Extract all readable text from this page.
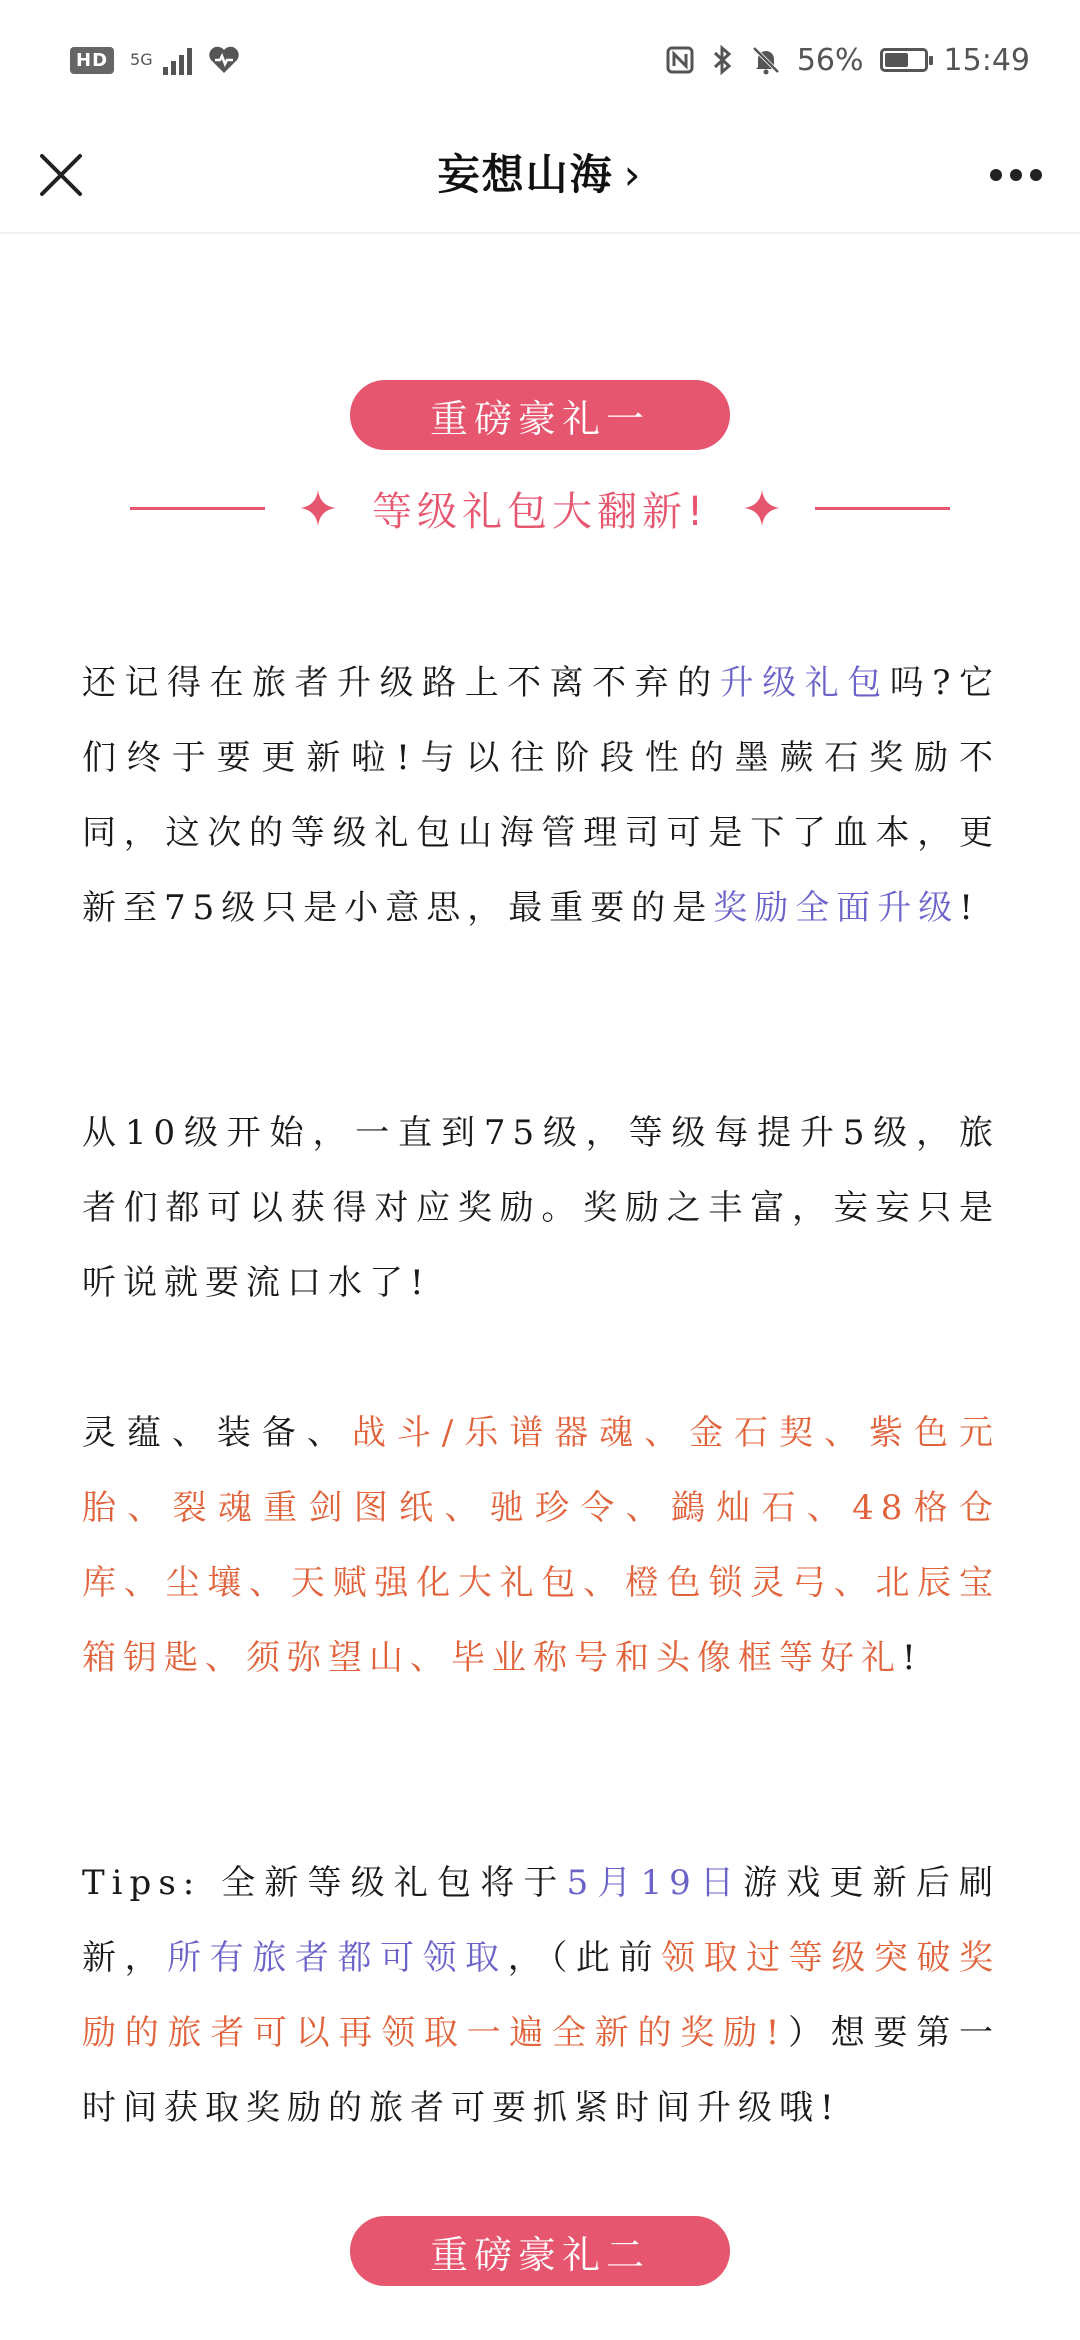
HD	5G	56%	15:49
妄想山海 ›
重磅豪礼一
等级礼包大翻新!
还记得在旅者升级路上不离不弃的升级礼包吗?它们终于要更新啦!与以往阶段性的墨蕨石奖励不同，这次的等级礼包山海管理司可是下了血本，更新至75级只是小意思，最重要的是奖励全面升级!
从10级开始，一直到75级，等级每提升5级，旅者们都可以获得对应奖励。奖励之丰富，妄妄只是听说就要流口水了!
灵蕴、装备、战斗/乐谱器魂、金石契、紫色元胎、裂魂重剑图纸、驰珍令、鷁灿石、48格仓库、尘壤、天赋强化大礼包、橙色锁灵弓、北辰宝箱钥匙、须弥望山、毕业称号和头像框等好礼!
Tips: 全新等级礼包将于5月19日游戏更新后刷新，所有旅者都可领取，（此前领取过等级突破奖励的旅者可以再领取一遍全新的奖励!）想要第一时间获取奖励的旅者可要抓紧时间升级哦!
重磅豪礼二
